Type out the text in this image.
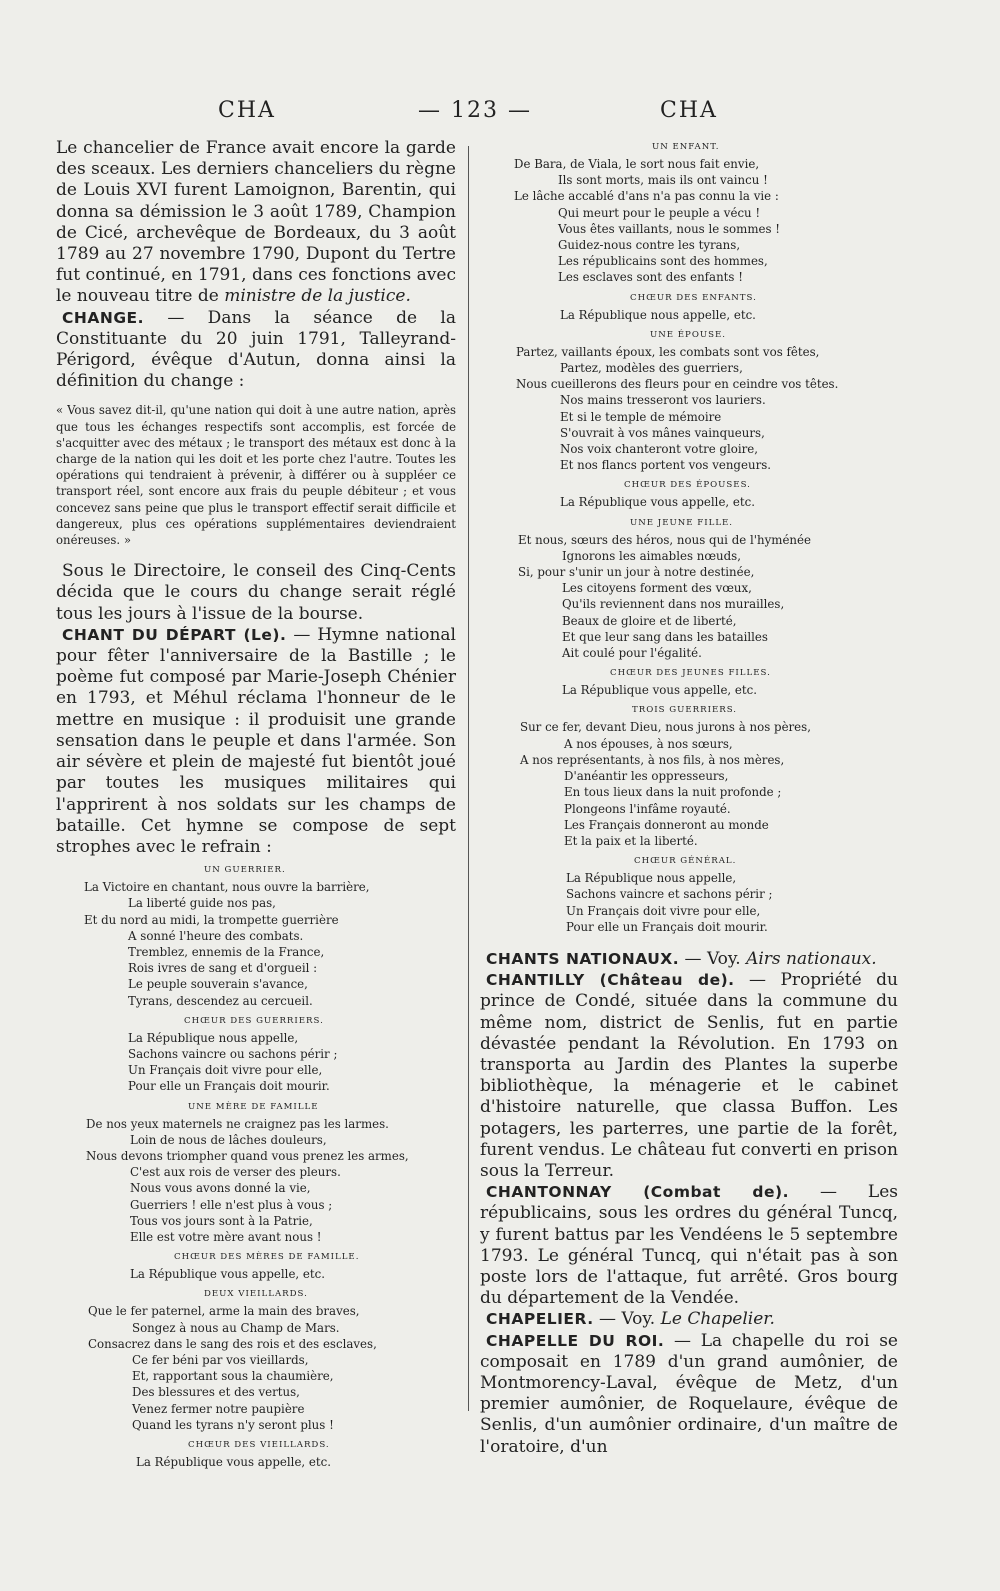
CHA	— 123 —	CHA

Le chancelier de France avait encore la garde des sceaux. Les derniers chanceliers du règne de Louis XVI furent Lamoignon, Barentin, qui donna sa démission le 3 août 1789, Champion de Cicé, archevêque de Bordeaux, du 3 août 1789 au 27 novembre 1790, Dupont du Tertre fut continué, en 1791, dans ces fonctions avec le nouveau titre de ministre de la justice.

CHANGE. — Dans la séance de la Constituante du 20 juin 1791, Talleyrand-Périgord, évêque d'Autun, donna ainsi la définition du change :

« Vous savez dit-il, qu'une nation qui doit à une autre nation, après que tous les échanges respectifs sont accomplis, est forcée de s'acquitter avec des métaux ; le transport des métaux est donc à la charge de la nation qui les doit et les porte chez l'autre. Toutes les opérations qui tendraient à prévenir, à différer ou à suppléer ce transport réel, sont encore aux frais du peuple débiteur ; et vous concevez sans peine que plus le transport effectif serait difficile et dangereux, plus ces opérations supplémentaires deviendraient onéreuses. »

Sous le Directoire, le conseil des Cinq-Cents décida que le cours du change serait réglé tous les jours à l'issue de la bourse.

CHANT DU DÉPART (Le). — Hymne national pour fêter l'anniversaire de la Bastille ; le poème fut composé par Marie-Joseph Chénier en 1793, et Méhul réclama l'honneur de le mettre en musique : il produisit une grande sensation dans le peuple et dans l'armée. Son air sévère et plein de majesté fut bientôt joué par toutes les musiques militaires qui l'apprirent à nos soldats sur les champs de bataille. Cet hymne se compose de sept strophes avec le refrain :

UN GUERRIER.
La Victoire en chantant, nous ouvre la barrière,
La liberté guide nos pas,
Et du nord au midi, la trompette guerrière
A sonné l'heure des combats.
Tremblez, ennemis de la France,
Rois ivres de sang et d'orgueil :
Le peuple souverain s'avance,
Tyrans, descendez au cercueil.
CHŒUR DES GUERRIERS.
La République nous appelle,
Sachons vaincre ou sachons périr ;
Un Français doit vivre pour elle,
Pour elle un Français doit mourir.
UNE MÈRE DE FAMILLE
De nos yeux maternels ne craignez pas les larmes.
Loin de nous de lâches douleurs,
Nous devons triompher quand vous prenez les armes,
C'est aux rois de verser des pleurs.
Nous vous avons donné la vie,
Guerriers ! elle n'est plus à vous ;
Tous vos jours sont à la Patrie,
Elle est votre mère avant nous !
CHŒUR DES MÈRES DE FAMILLE.
La République vous appelle, etc.
DEUX VIEILLARDS.
Que le fer paternel, arme la main des braves,
Songez à nous au Champ de Mars.
Consacrez dans le sang des rois et des esclaves,
Ce fer béni par vos vieillards,
Et, rapportant sous la chaumière,
Des blessures et des vertus,
Venez fermer notre paupière
Quand les tyrans n'y seront plus !
CHŒUR DES VIEILLARDS.
La République vous appelle, etc.
UN ENFANT.
De Bara, de Viala, le sort nous fait envie,
Ils sont morts, mais ils ont vaincu !
Le lâche accablé d'ans n'a pas connu la vie :
Qui meurt pour le peuple a vécu !
Vous êtes vaillants, nous le sommes !
Guidez-nous contre les tyrans,
Les républicains sont des hommes,
Les esclaves sont des enfants !
CHŒUR DES ENFANTS.
La République nous appelle, etc.
UNE ÉPOUSE.
Partez, vaillants époux, les combats sont vos fêtes,
Partez, modèles des guerriers,
Nous cueillerons des fleurs pour en ceindre vos têtes.
Nos mains tresseront vos lauriers.
Et si le temple de mémoire
S'ouvrait à vos mânes vainqueurs,
Nos voix chanteront votre gloire,
Et nos flancs portent vos vengeurs.
CHŒUR DES ÉPOUSES.
La République vous appelle, etc.
UNE JEUNE FILLE.
Et nous, sœurs des héros, nous qui de l'hyménée
Ignorons les aimables nœuds,
Si, pour s'unir un jour à notre destinée,
Les citoyens forment des vœux,
Qu'ils reviennent dans nos murailles,
Beaux de gloire et de liberté,
Et que leur sang dans les batailles
Ait coulé pour l'égalité.
CHŒUR DES JEUNES FILLES.
La République vous appelle, etc.
TROIS GUERRIERS.
Sur ce fer, devant Dieu, nous jurons à nos pères,
A nos épouses, à nos sœurs,
A nos représentants, à nos fils, à nos mères,
D'anéantir les oppresseurs,
En tous lieux dans la nuit profonde ;
Plongeons l'infâme royauté.
Les Français donneront au monde
Et la paix et la liberté.
CHŒUR GÉNÉRAL.
La République nous appelle,
Sachons vaincre et sachons périr ;
Un Français doit vivre pour elle,
Pour elle un Français doit mourir.

CHANTS NATIONAUX. — Voy. Airs nationaux.

CHANTILLY (Château de). — Propriété du prince de Condé, située dans la commune du même nom, district de Senlis, fut en partie dévastée pendant la Révolution. En 1793 on transporta au Jardin des Plantes la superbe bibliothèque, la ménagerie et le cabinet d'histoire naturelle, que classa Buffon. Les potagers, les parterres, une partie de la forêt, furent vendus. Le château fut converti en prison sous la Terreur.

CHANTONNAY (Combat de). — Les républicains, sous les ordres du général Tuncq, y furent battus par les Vendéens le 5 septembre 1793. Le général Tuncq, qui n'était pas à son poste lors de l'attaque, fut arrêté. Gros bourg du département de la Vendée.

CHAPELIER. — Voy. Le Chapelier.

CHAPELLE DU ROI. — La chapelle du roi se composait en 1789 d'un grand aumônier, de Montmorency-Laval, évêque de Metz, d'un premier aumônier, de Roquelaure, évêque de Senlis, d'un aumônier ordinaire, d'un maître de l'oratoire, d'un
